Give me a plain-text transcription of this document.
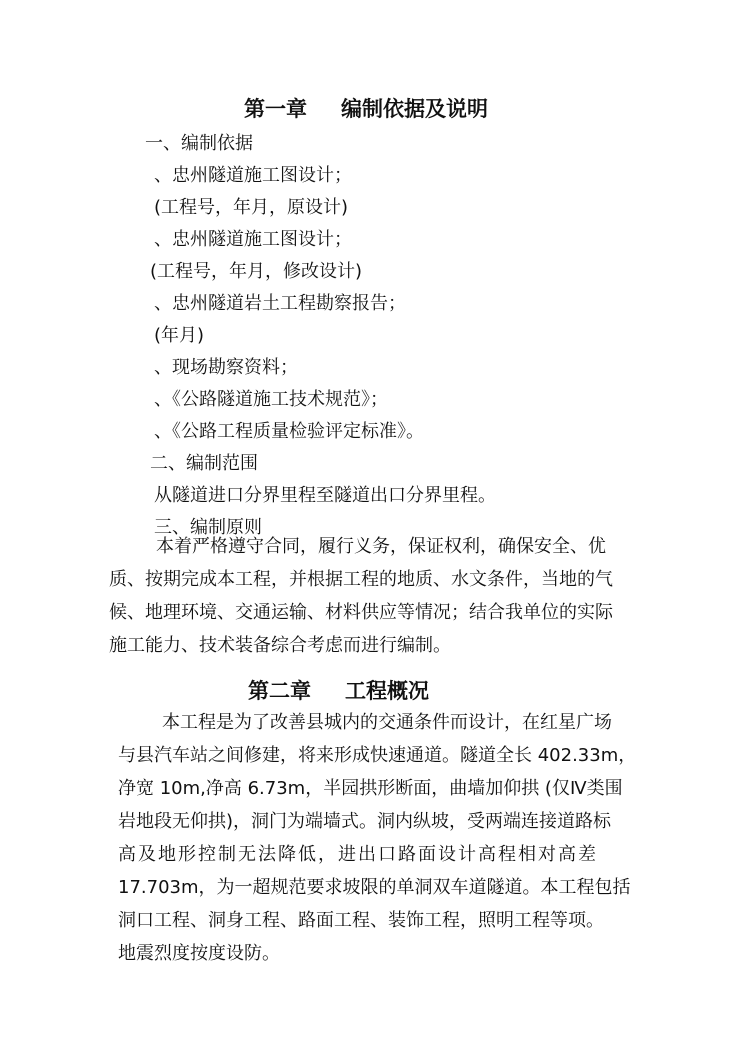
第一章 编制依据及说明
一、编制依据
、忠州隧道施工图设计；
(工程号，年月，原设计)
、忠州隧道施工图设计；
(工程号，年月，修改设计)
、忠州隧道岩土工程勘察报告；
(年月)
、现场勘察资料；
、《公路隧道施工技术规范》；
、《公路工程质量检验评定标准》。
二、编制范围
从隧道进口分界里程至隧道出口分界里程。
三、编制原则
本着严格遵守合同，履行义务，保证权利，确保安全、优
质、按期完成本工程，并根据工程的地质、水文条件，当地的气
候、地理环境、交通运输、材料供应等情况；结合我单位的实际
施工能力、技术装备综合考虑而进行编制。
第二章 工程概况
本工程是为了改善县城内的交通条件而设计，在红星广场
与县汽车站之间修建，将来形成快速通道。隧道全长 402.33m，
净宽 10m,净高 6.73m，半园拱形断面，曲墙加仰拱 (仅Ⅳ类围
岩地段无仰拱)，洞门为端墙式。洞内纵坡，受两端连接道路标
高及地形控制无法降低，进出口路面设计高程相对高差
17.703m，为一超规范要求坡限的单洞双车道隧道。本工程包括
洞口工程、洞身工程、路面工程、装饰工程，照明工程等项。
地震烈度按度设防。
